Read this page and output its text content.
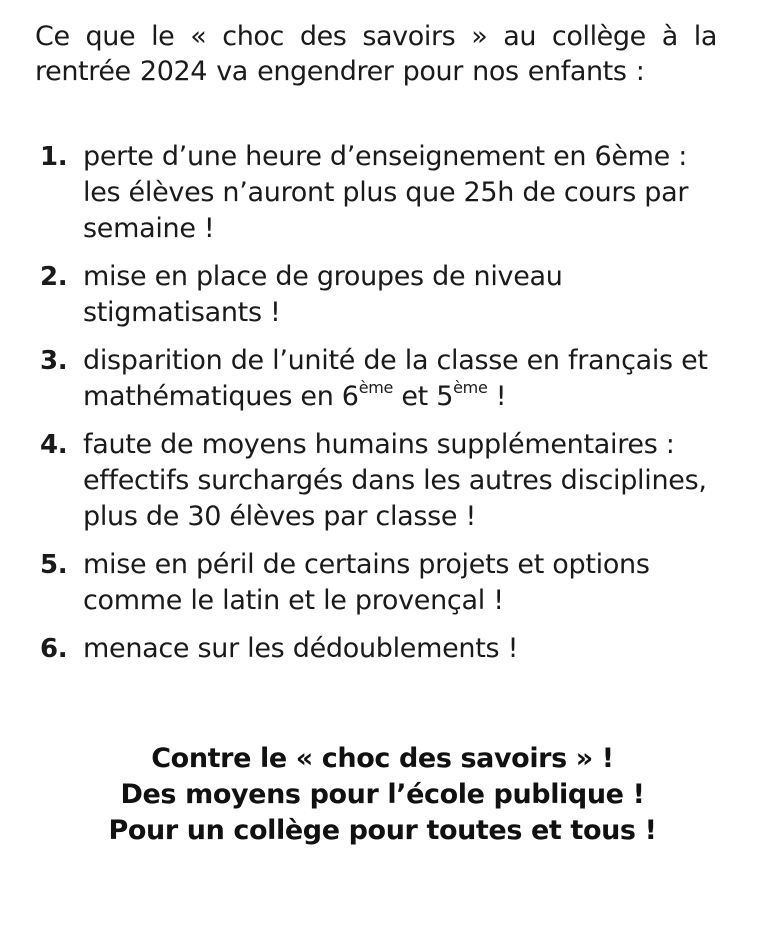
Ce que le « choc des savoirs » au collège à la rentrée 2024 va engendrer pour nos enfants :

1. perte d’une heure d’enseignement en 6ème : les élèves n’auront plus que 25h de cours par semaine !
2. mise en place de groupes de niveau stigmatisants !
3. disparition de l’unité de la classe en français et mathématiques en 6ème et 5ème !
4. faute de moyens humains supplémentaires : effectifs surchargés dans les autres disciplines, plus de 30 élèves par classe !
5. mise en péril de certains projets et options comme le latin et le provençal !
6. menace sur les dédoublements !
Contre le « choc des savoirs » !
Des moyens pour l’école publique !
Pour un collège pour toutes et tous !
